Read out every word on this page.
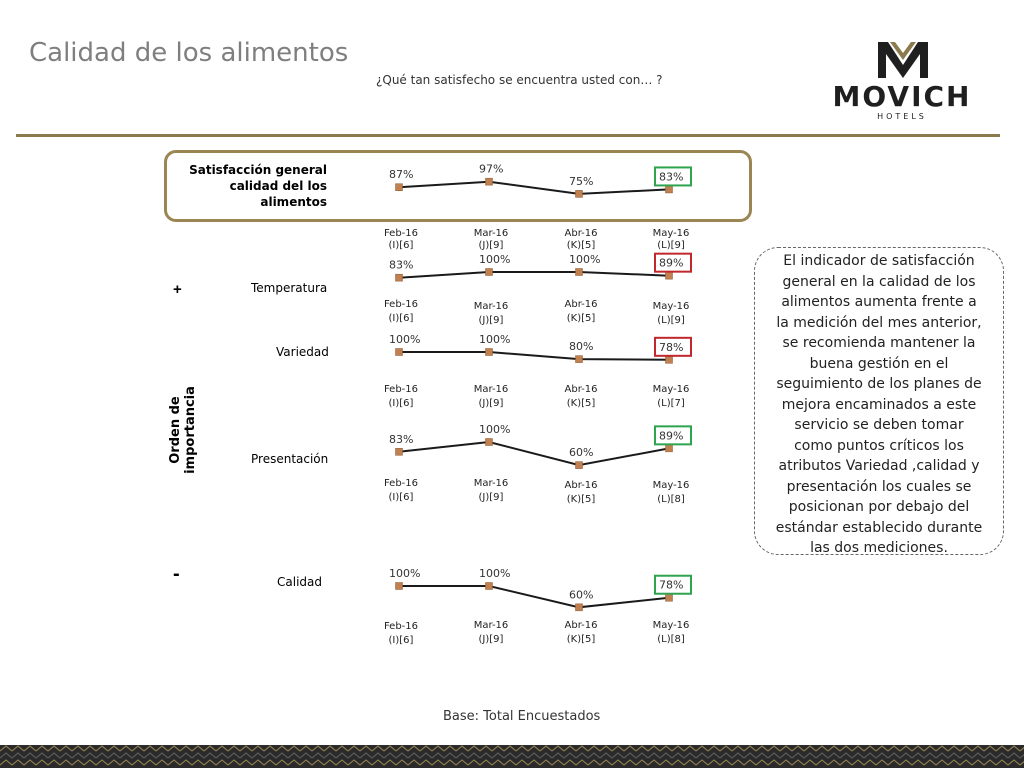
Calidad de los alimentos
¿Qué tan satisfecho se encuentra usted con… ?	MOVICH
HOTELS
Satisfacción general calidad del los alimentos
Temperatura
Variedad
Presentación
Calidad
Orden de importancia
+
-
87%
Feb-16
(I)[6]
97%
Mar-16
(J)[9]
75%
Abr-16
(K)[5]
83%
May-16
(L)[9]
83%
Feb-16
(I)[6]
100%
Mar-16
(J)[9]
100%
Abr-16
(K)[5]
89%
May-16
(L)[9]
100%
Feb-16
(I)[6]
100%
Mar-16
(J)[9]
80%
Abr-16
(K)[5]
78%
May-16
(L)[7]
83%
Feb-16
(I)[6]
100%
Mar-16
(J)[9]
60%
Abr-16
(K)[5]
89%
May-16
(L)[8]
100%
Feb-16
(I)[6]
100%
Mar-16
(J)[9]
60%
Abr-16
(K)[5]
78%
May-16
(L)[8]
El indicador de satisfacción general en la calidad de los alimentos aumenta frente a la medición del mes anterior, se recomienda mantener la buena gestión en el seguimiento de los planes de mejora encaminados a este servicio se deben tomar como puntos críticos los atributos Variedad ,calidad y presentación los cuales se posicionan por debajo del estándar establecido durante las dos mediciones.
Base: Total Encuestados
